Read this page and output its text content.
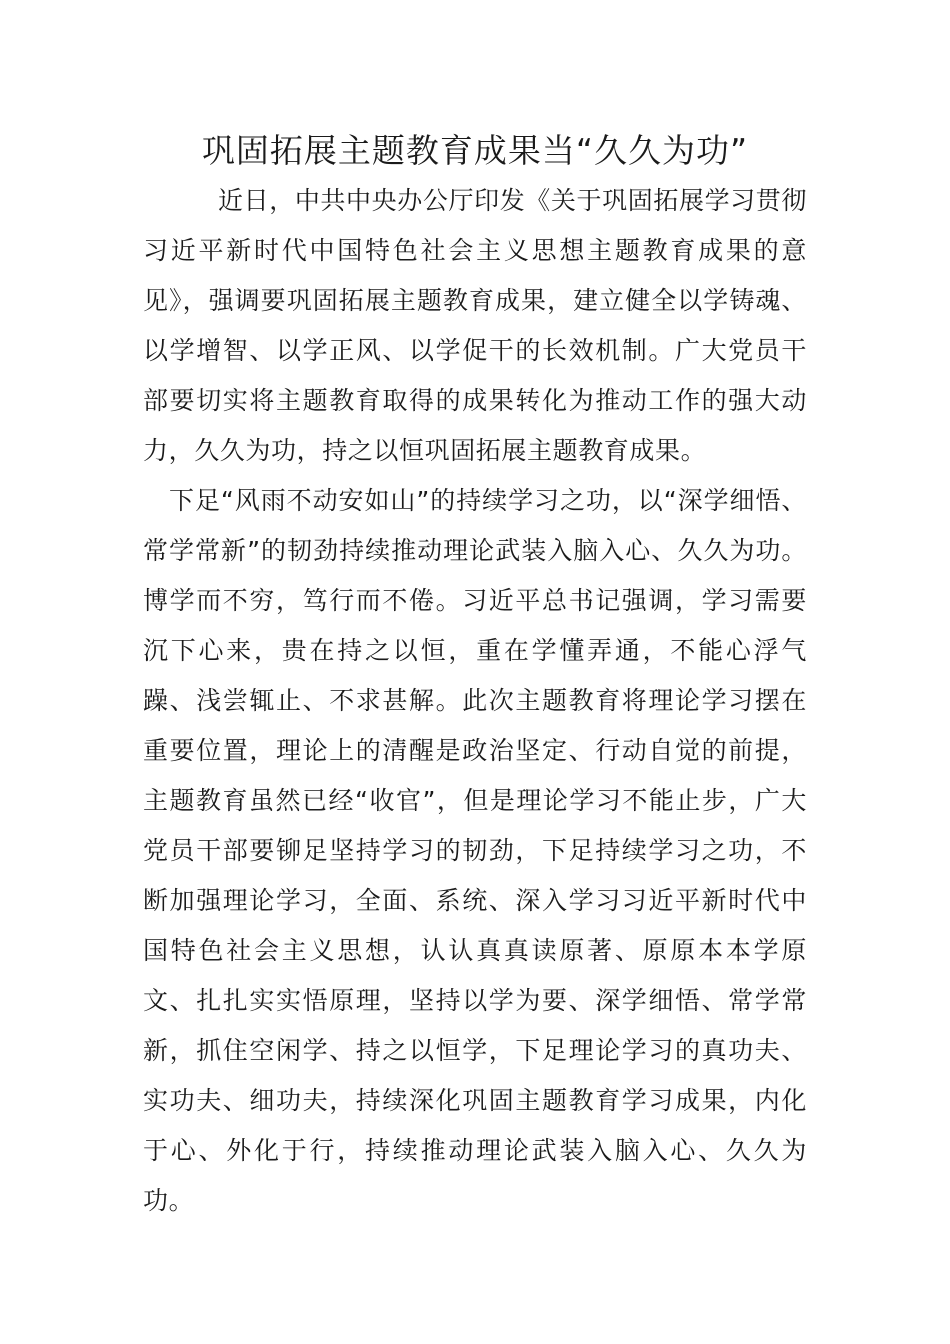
巩固拓展主题教育成果当“久久为功”

近日，中共中央办公厅印发《关于巩固拓展学习贯彻习近平新时代中国特色社会主义思想主题教育成果的意见》，强调要巩固拓展主题教育成果，建立健全以学铸魂、以学增智、以学正风、以学促干的长效机制。广大党员干部要切实将主题教育取得的成果转化为推动工作的强大动力，久久为功，持之以恒巩固拓展主题教育成果。

下足“风雨不动安如山”的持续学习之功，以“深学细悟、常学常新”的韧劲持续推动理论武装入脑入心、久久为功。博学而不穷，笃行而不倦。习近平总书记强调，学习需要沉下心来，贵在持之以恒，重在学懂弄通，不能心浮气躁、浅尝辄止、不求甚解。此次主题教育将理论学习摆在重要位置，理论上的清醒是政治坚定、行动自觉的前提，主题教育虽然已经“收官”，但是理论学习不能止步，广大党员干部要铆足坚持学习的韧劲，下足持续学习之功，不断加强理论学习，全面、系统、深入学习习近平新时代中国特色社会主义思想，认认真真读原著、原原本本学原文、扎扎实实悟原理，坚持以学为要、深学细悟、常学常新，抓住空闲学、持之以恒学，下足理论学习的真功夫、实功夫、细功夫，持续深化巩固主题教育学习成果，内化于心、外化于行，持续推动理论武装入脑入心、久久为功。
